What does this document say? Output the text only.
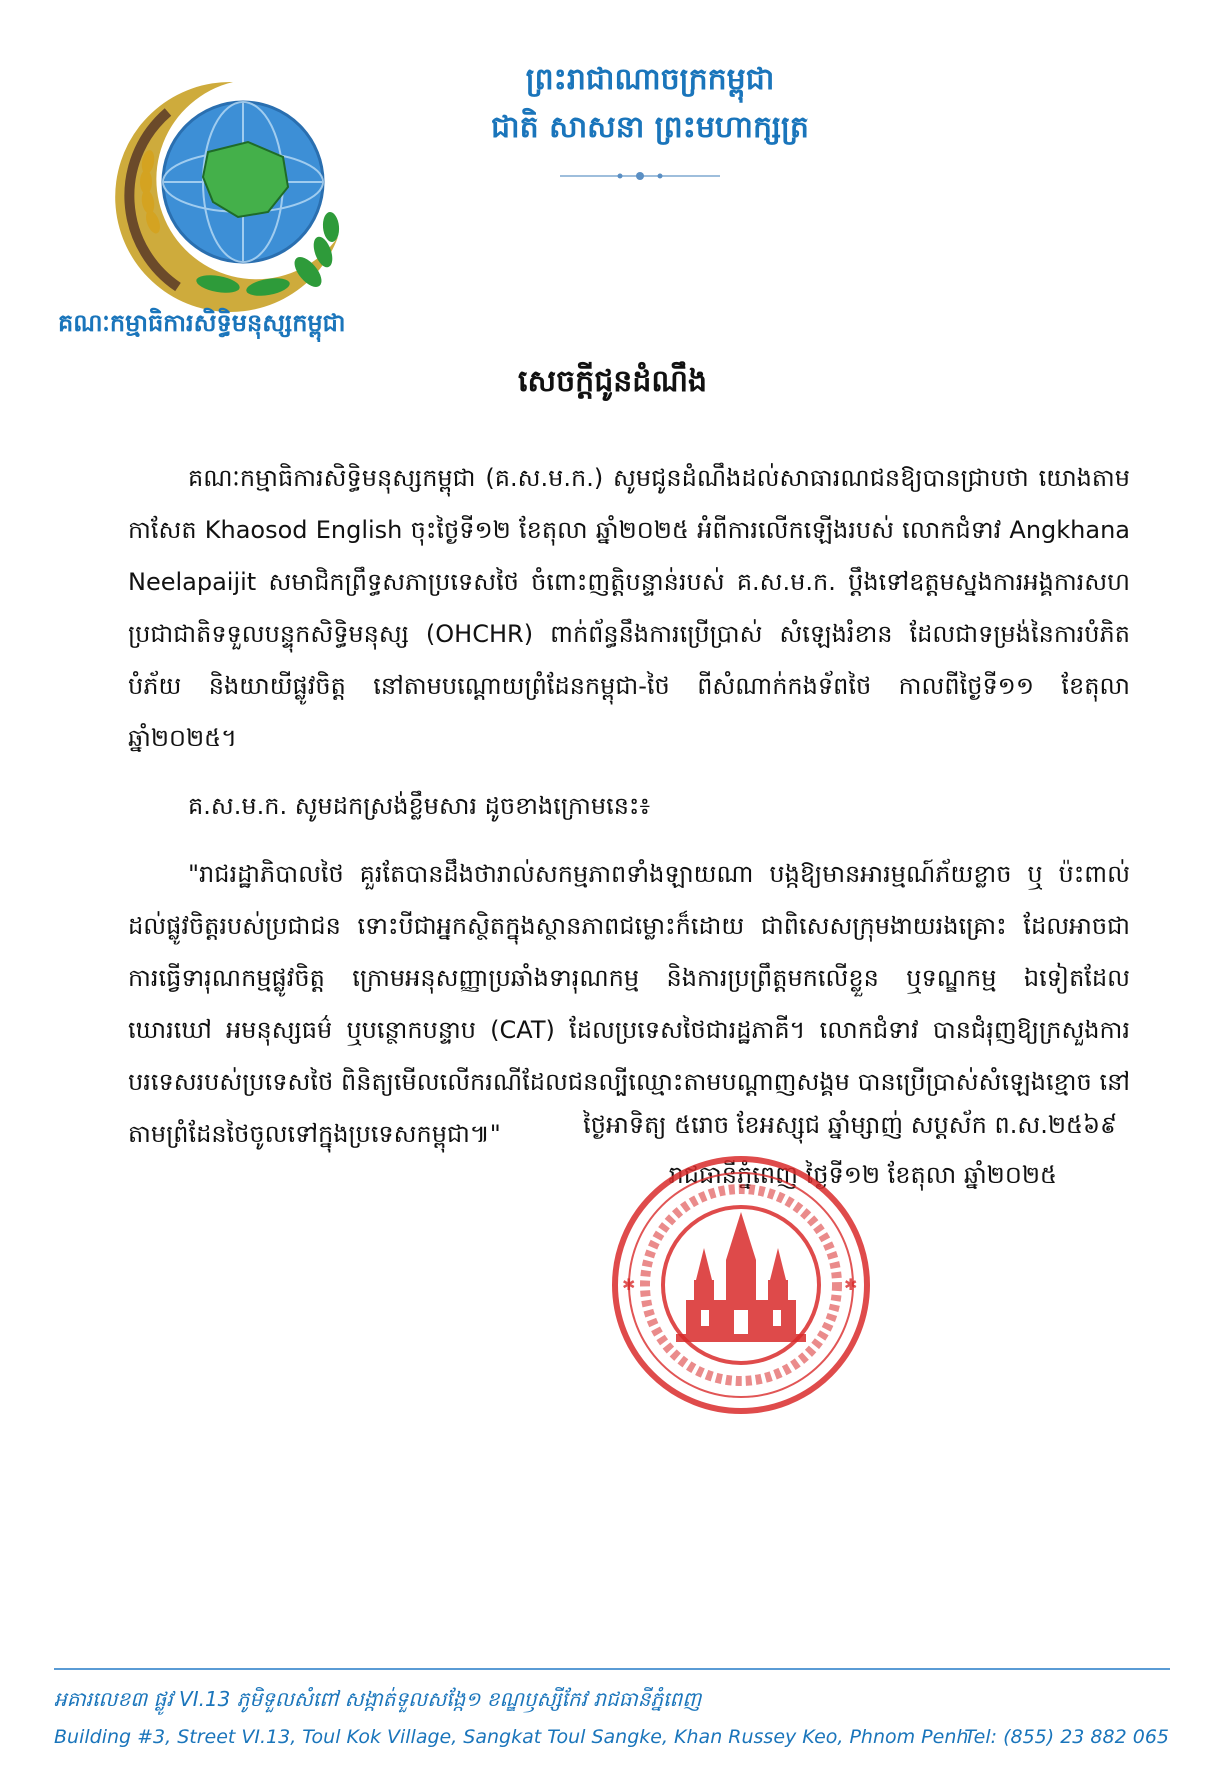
គណៈកម្មាធិការសិទ្ធិមនុស្សកម្ពុជា
ព្រះរាជាណាចក្រកម្ពុជា
ជាតិ សាសនា ព្រះមហាក្សត្រ
សេចក្តីជូនដំណឹង

គណៈកម្មាធិការសិទ្ធិមនុស្សកម្ពុជា (គ.ស.ម.ក.) សូមជូនដំណឹងដល់សាធារណជនឱ្យបានជ្រាបថា យោងតាមកាសែត Khaosod English ចុះថ្ងៃទី១២ ខែតុលា ឆ្នាំ២០២៥ អំពីការលើកឡើងរបស់ លោកជំទាវ Angkhana Neelapaijit សមាជិកព្រឹទ្ធសភាប្រទេសថៃ ចំពោះញត្តិបន្ទាន់របស់ គ.ស.ម.ក. ប្តឹងទៅឧត្តមស្នងការអង្គការសហប្រជាជាតិទទួលបន្ទុកសិទ្ធិមនុស្ស (OHCHR) ពាក់ព័ន្ធនឹងការប្រើប្រាស់ សំឡេងរំខាន ដែលជាទម្រង់នៃការបំភិតបំភ័យ និងយាយីផ្លូវចិត្ត នៅតាមបណ្តោយព្រំដែនកម្ពុជា-ថៃ ពីសំណាក់កងទ័ពថៃ កាលពីថ្ងៃទី១១ ខែតុលា ឆ្នាំ២០២៥។

គ.ស.ម.ក. សូមដកស្រង់ខ្លឹមសារ ដូចខាងក្រោមនេះ៖

"រាជរដ្ឋាភិបាលថៃ គួរតែបានដឹងថារាល់សកម្មភាពទាំងឡាយណា បង្កឱ្យមានអារម្មណ៍ភ័យខ្លាច ឬ ប៉ះពាល់ដល់ផ្លូវចិត្តរបស់ប្រជាជន ទោះបីជាអ្នកស្ថិតក្នុងស្ថានភាពជម្លោះក៏ដោយ ជាពិសេសក្រុមងាយរងគ្រោះ ដែលអាចជាការធ្វើទារុណកម្មផ្លូវចិត្ត ក្រោមអនុសញ្ញាប្រឆាំងទារុណកម្ម និងការប្រព្រឹត្តមកលើខ្លួន ឬទណ្ឌកម្ម ឯទៀតដែលឃោរឃៅ អមនុស្សធម៌ ឬបន្ថោកបន្ទាប (CAT) ដែលប្រទេសថៃជារដ្ឋភាគី។ លោកជំទាវ បានជំរុញឱ្យក្រសួងការបរទេសរបស់ប្រទេសថៃ ពិនិត្យមើលលើករណីដែលជនល្បីឈ្មោះតាមបណ្តាញសង្គម បានប្រើប្រាស់សំឡេងខ្មោច នៅតាមព្រំដែនថៃចូលទៅក្នុងប្រទេសកម្ពុជា៕"	ថ្ងៃអាទិត្យ ៥រោច ខែអស្សុជ ឆ្នាំម្សាញ់ សប្តស័ក ព.ស.២៥៦៩
រាជធានីភ្នំពេញ ថ្ងៃទី១២ ខែតុលា ឆ្នាំ២០២៥
✱	✱
អគារលេខ៣ ផ្លូវ VI.13 ភូមិទួលសំពៅ សង្កាត់ទួលសង្កែ១ ខណ្ឌឫស្សីកែវ រាជធានីភ្នំពេញ
Building #3, Street VI.13, Toul Kok Village, Sangkat Toul Sangke, Khan Russey Keo, Phnom Penh
Tel: (855) 23 882 065
